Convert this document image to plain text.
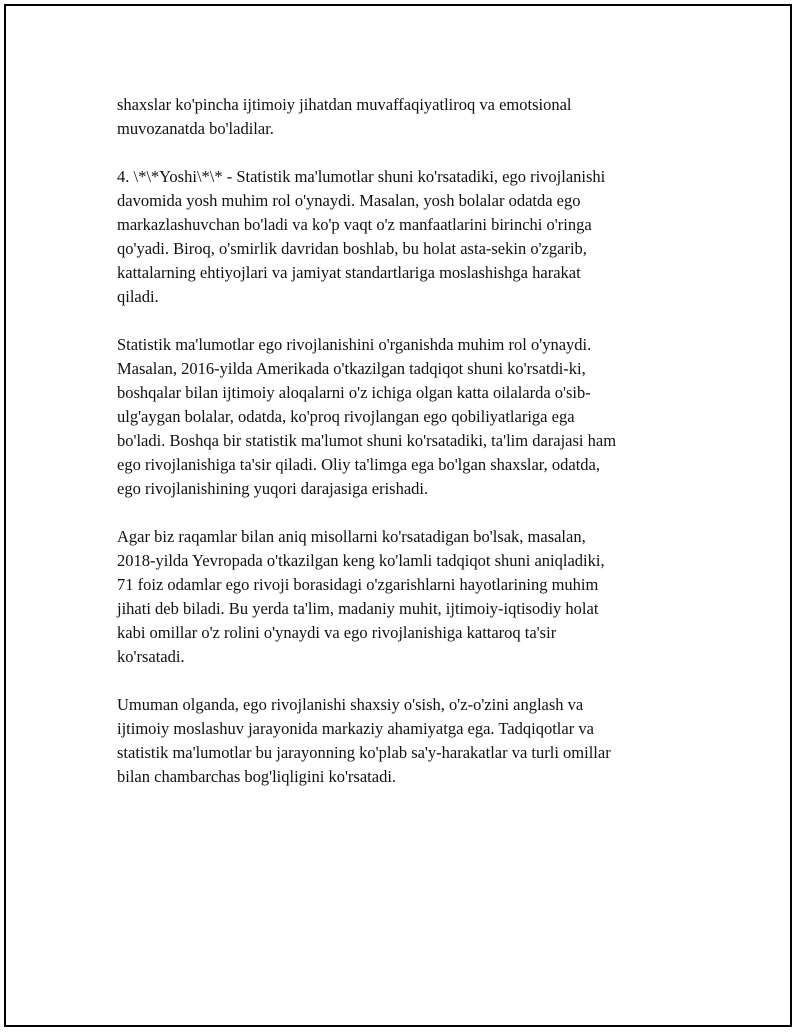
shaxslar ko'pincha ijtimoiy jihatdan muvaffaqiyatliroq va emotsional
muvozanatda bo'ladilar.

4. \*\*Yoshi\*\* - Statistik ma'lumotlar shuni ko'rsatadiki, ego rivojlanishi
davomida yosh muhim rol o'ynaydi. Masalan, yosh bolalar odatda ego
markazlashuvchan bo'ladi va ko'p vaqt o'z manfaatlarini birinchi o'ringa
qo'yadi. Biroq, o'smirlik davridan boshlab, bu holat asta-sekin o'zgarib,
kattalarning ehtiyojlari va jamiyat standartlariga moslashishga harakat
qiladi.

Statistik ma'lumotlar ego rivojlanishini o'rganishda muhim rol o'ynaydi.
Masalan, 2016-yilda Amerikada o'tkazilgan tadqiqot shuni ko'rsatdi-ki,
boshqalar bilan ijtimoiy aloqalarni o'z ichiga olgan katta oilalarda o'sib-
ulg'aygan bolalar, odatda, ko'proq rivojlangan ego qobiliyatlariga ega
bo'ladi. Boshqa bir statistik ma'lumot shuni ko'rsatadiki, ta'lim darajasi ham
ego rivojlanishiga ta'sir qiladi. Oliy ta'limga ega bo'lgan shaxslar, odatda,
ego rivojlanishining yuqori darajasiga erishadi.

Agar biz raqamlar bilan aniq misollarni ko'rsatadigan bo'lsak, masalan,
2018-yilda Yevropada o'tkazilgan keng ko'lamli tadqiqot shuni aniqladiki,
71 foiz odamlar ego rivoji borasidagi o'zgarishlarni hayotlarining muhim
jihati deb biladi. Bu yerda ta'lim, madaniy muhit, ijtimoiy-iqtisodiy holat
kabi omillar o'z rolini o'ynaydi va ego rivojlanishiga kattaroq ta'sir
ko'rsatadi.

Umuman olganda, ego rivojlanishi shaxsiy o'sish, o'z-o'zini anglash va
ijtimoiy moslashuv jarayonida markaziy ahamiyatga ega. Tadqiqotlar va
statistik ma'lumotlar bu jarayonning ko'plab sa'y-harakatlar va turli omillar
bilan chambarchas bog'liqligini ko'rsatadi.
